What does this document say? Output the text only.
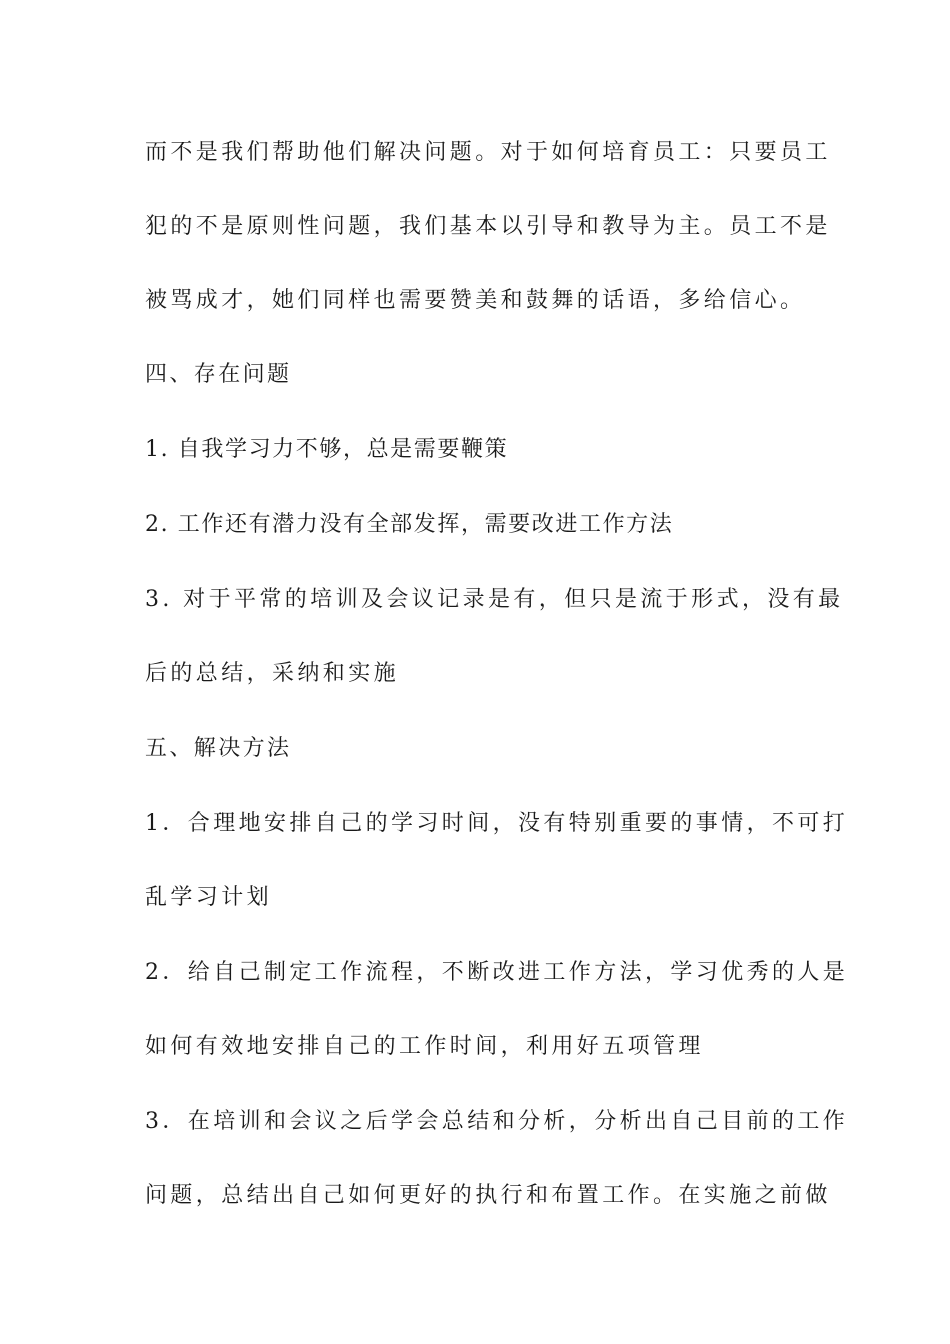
而不是我们帮助他们解决问题。对于如何培育员工：只要员工

犯的不是原则性问题，我们基本以引导和教导为主。员工不是

被骂成才，她们同样也需要赞美和鼓舞的话语，多给信心。

四、存在问题

1. 自我学习力不够，总是需要鞭策

2. 工作还有潜力没有全部发挥，需要改进工作方法

3. 对于平常的培训及会议记录是有，但只是流于形式，没有最

后的总结，采纳和实施

五、解决方法

1．合理地安排自己的学习时间，没有特别重要的事情，不可打

乱学习计划

2．给自己制定工作流程，不断改进工作方法，学习优秀的人是

如何有效地安排自己的工作时间，利用好五项管理

3．在培训和会议之后学会总结和分析，分析出自己目前的工作

问题，总结出自己如何更好的执行和布置工作。在实施之前做
